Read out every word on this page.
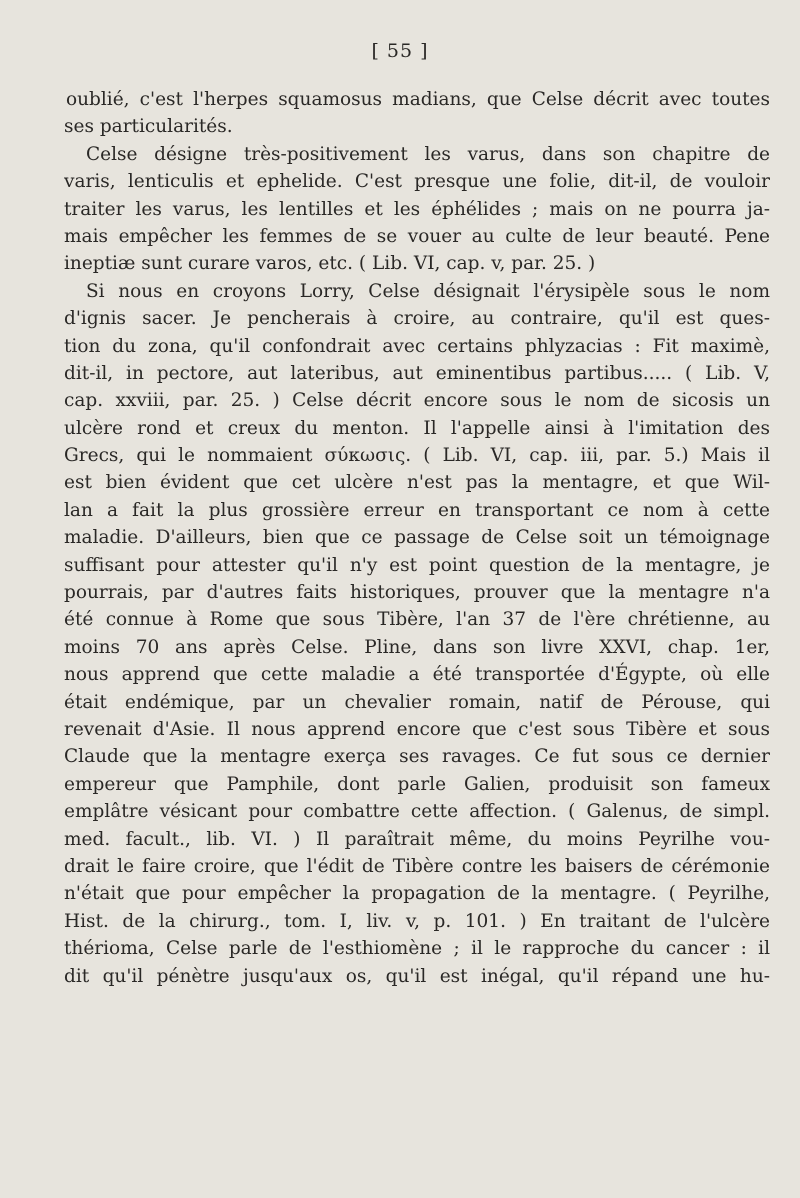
[ 55 ]
oublié, c'est l'herpes squamosus madians, que Celse décrit avec toutes
ses particularités.
Celse désigne très-positivement les varus, dans son chapitre de
varis, lenticulis et ephelide. C'est presque une folie, dit-il, de vouloir
traiter les varus, les lentilles et les éphélides ; mais on ne pourra ja-
mais empêcher les femmes de se vouer au culte de leur beauté. Pene
ineptiæ sunt curare varos, etc. ( Lib. VI, cap. v, par. 25. )
Si nous en croyons Lorry, Celse désignait l'érysipèle sous le nom
d'ignis sacer. Je pencherais à croire, au contraire, qu'il est ques-
tion du zona, qu'il confondrait avec certains phlyzacias : Fit maximè,
dit-il, in pectore, aut lateribus, aut eminentibus partibus..... ( Lib. V,
cap. xxviii, par. 25. ) Celse décrit encore sous le nom de sicosis un
ulcère rond et creux du menton. Il l'appelle ainsi à l'imitation des
Grecs, qui le nommaient σύκωσις. ( Lib. VI, cap. iii, par. 5.) Mais il
est bien évident que cet ulcère n'est pas la mentagre, et que Wil-
lan a fait la plus grossière erreur en transportant ce nom à cette
maladie. D'ailleurs, bien que ce passage de Celse soit un témoignage
suffisant pour attester qu'il n'y est point question de la mentagre, je
pourrais, par d'autres faits historiques, prouver que la mentagre n'a
été connue à Rome que sous Tibère, l'an 37 de l'ère chrétienne, au
moins 70 ans après Celse. Pline, dans son livre XXVI, chap. 1er,
nous apprend que cette maladie a été transportée d'Égypte, où elle
était endémique, par un chevalier romain, natif de Pérouse, qui
revenait d'Asie. Il nous apprend encore que c'est sous Tibère et sous
Claude que la mentagre exerça ses ravages. Ce fut sous ce dernier
empereur que Pamphile, dont parle Galien, produisit son fameux
emplâtre vésicant pour combattre cette affection. ( Galenus, de simpl.
med. facult., lib. VI. ) Il paraîtrait même, du moins Peyrilhe vou-
drait le faire croire, que l'édit de Tibère contre les baisers de cérémonie
n'était que pour empêcher la propagation de la mentagre. ( Peyrilhe,
Hist. de la chirurg., tom. I, liv. v, p. 101. ) En traitant de l'ulcère
thérioma, Celse parle de l'esthiomène ; il le rapproche du cancer : il
dit qu'il pénètre jusqu'aux os, qu'il est inégal, qu'il répand une hu-
